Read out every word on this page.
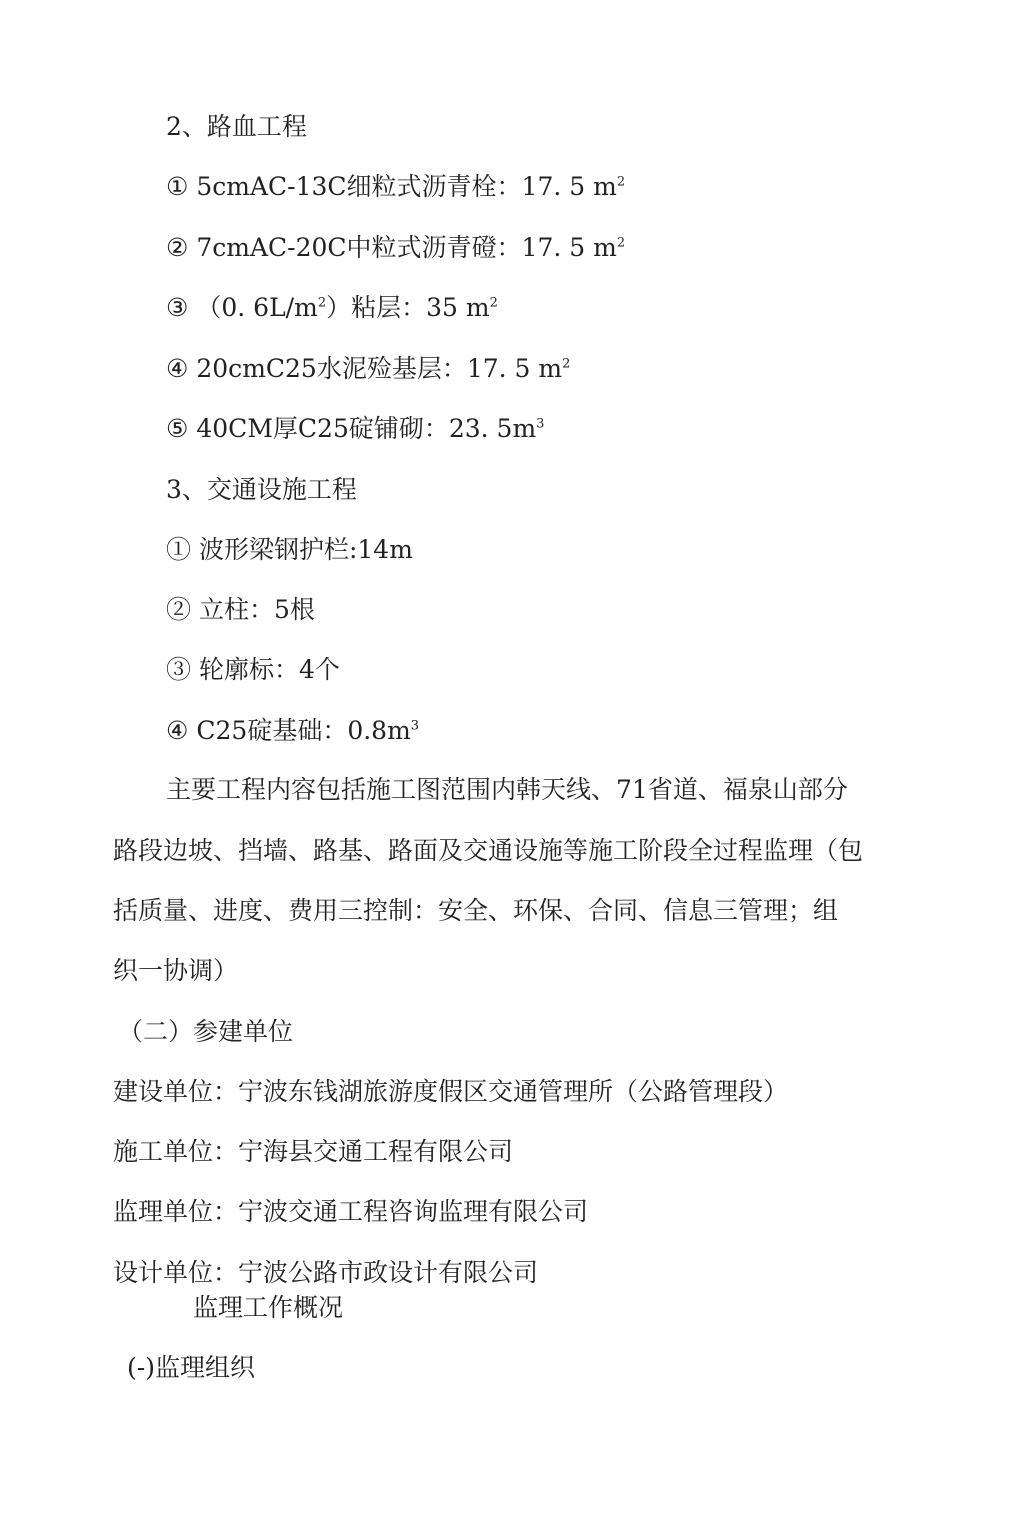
2、路血工程
① 5cmAC-13C细粒式沥青栓：17. 5 $m^2$
② 7cmAC-20C中粒式沥青磴：17. 5 $m^2$
③ （0. $6L/m^2$）粘层：35 $m^2$
④ 20cmC25水泥殓基层：17. 5 $m^2$
⑤ 40CM厚C25碇铺砌：23. $5m^3$
3、交通设施工程
① 波形梁钢护栏:14m
② 立柱：5根
③ 轮廓标：4个
④ C25碇基础：$0.8m^3$
主要工程内容包括施工图范围内韩天线、71省道、福泉山部分
路段边坡、挡墙、路基、路面及交通设施等施工阶段全过程监理（包
括质量、进度、费用三控制：安全、环保、合同、信息三管理；组
织一协调）
（二）参建单位
建设单位：宁波东钱湖旅游度假区交通管理所（公路管理段）
施工单位：宁海县交通工程有限公司
监理单位：宁波交通工程咨询监理有限公司
设计单位：宁波公路市政设计有限公司
监理工作概况
(-)监理组织
